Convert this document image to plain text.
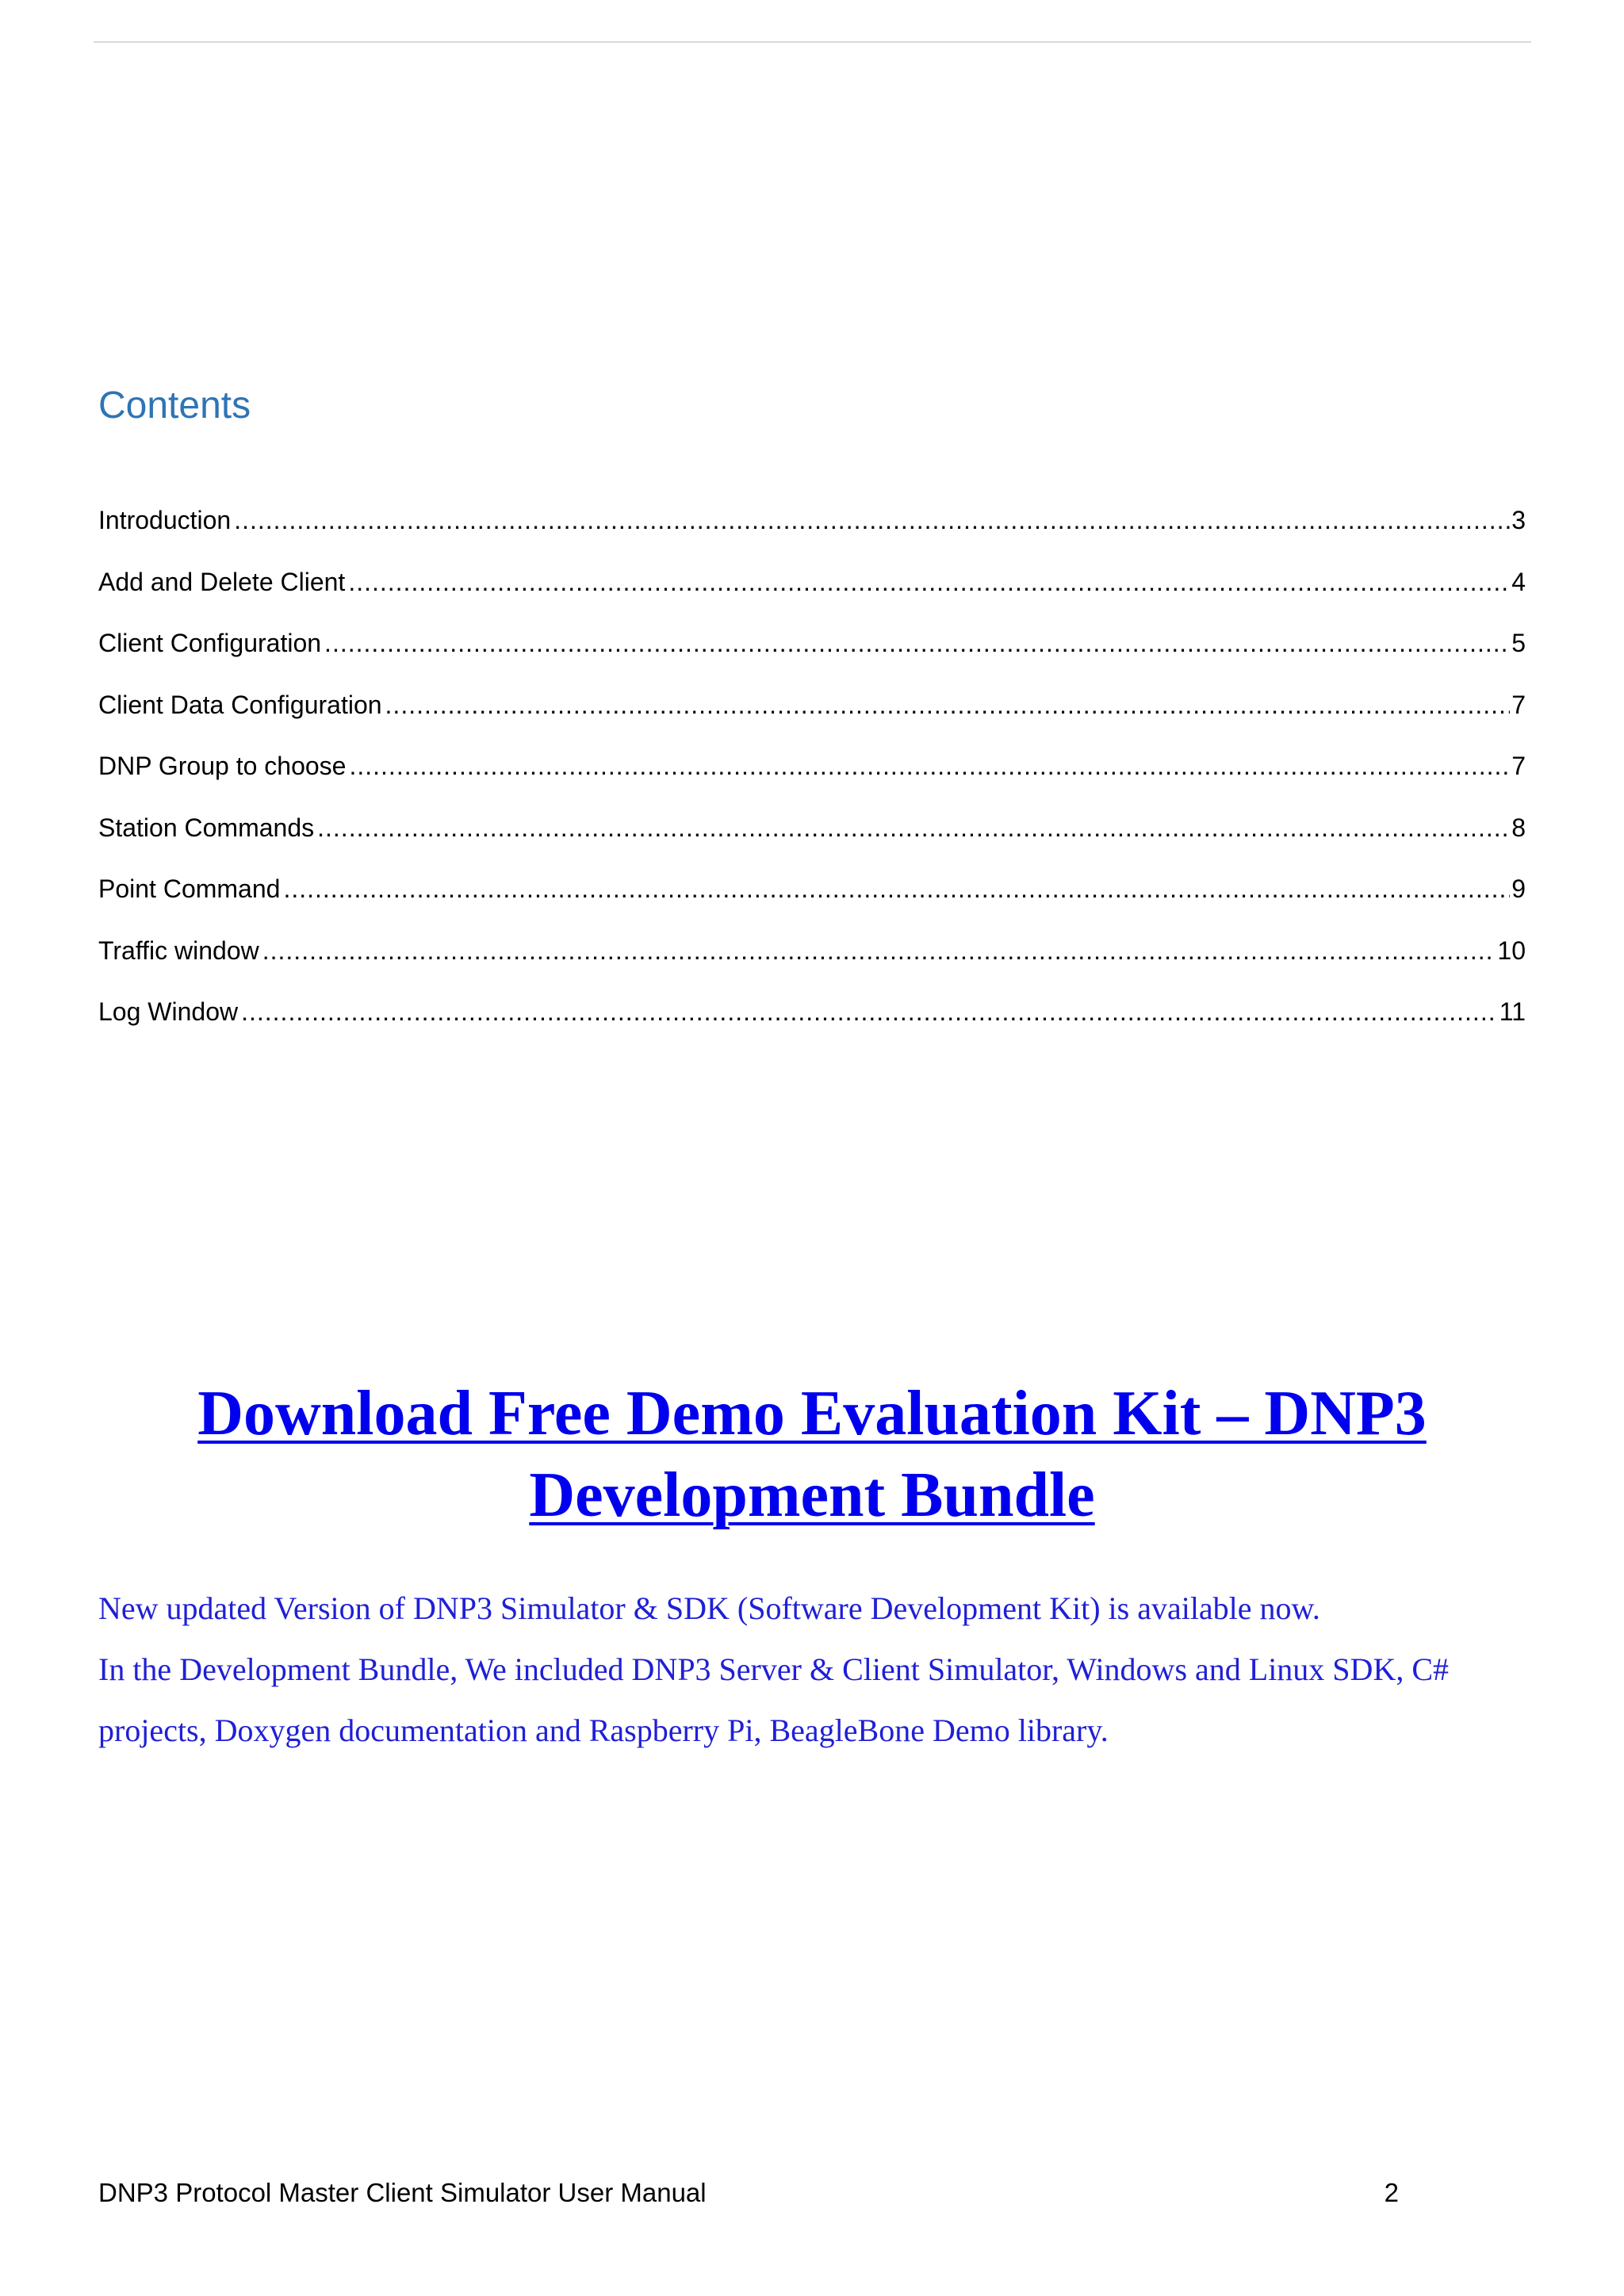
Contents
Introduction .....	3
Add and Delete Client .....	4
Client Configuration .....	5
Client Data Configuration .....	7
DNP Group to choose .....	7
Station Commands .....	8
Point Command .....	9
Traffic window .....	10
Log Window .....	11
Download Free Demo Evaluation Kit – DNP3
Development Bundle

New updated Version of DNP3 Simulator & SDK (Software Development Kit) is available now.

In the Development Bundle, We included DNP3 Server & Client Simulator, Windows and Linux SDK, C# projects, Doxygen documentation and Raspberry Pi, BeagleBone Demo library.

DNP3 Protocol Master Client Simulator User Manual	2
